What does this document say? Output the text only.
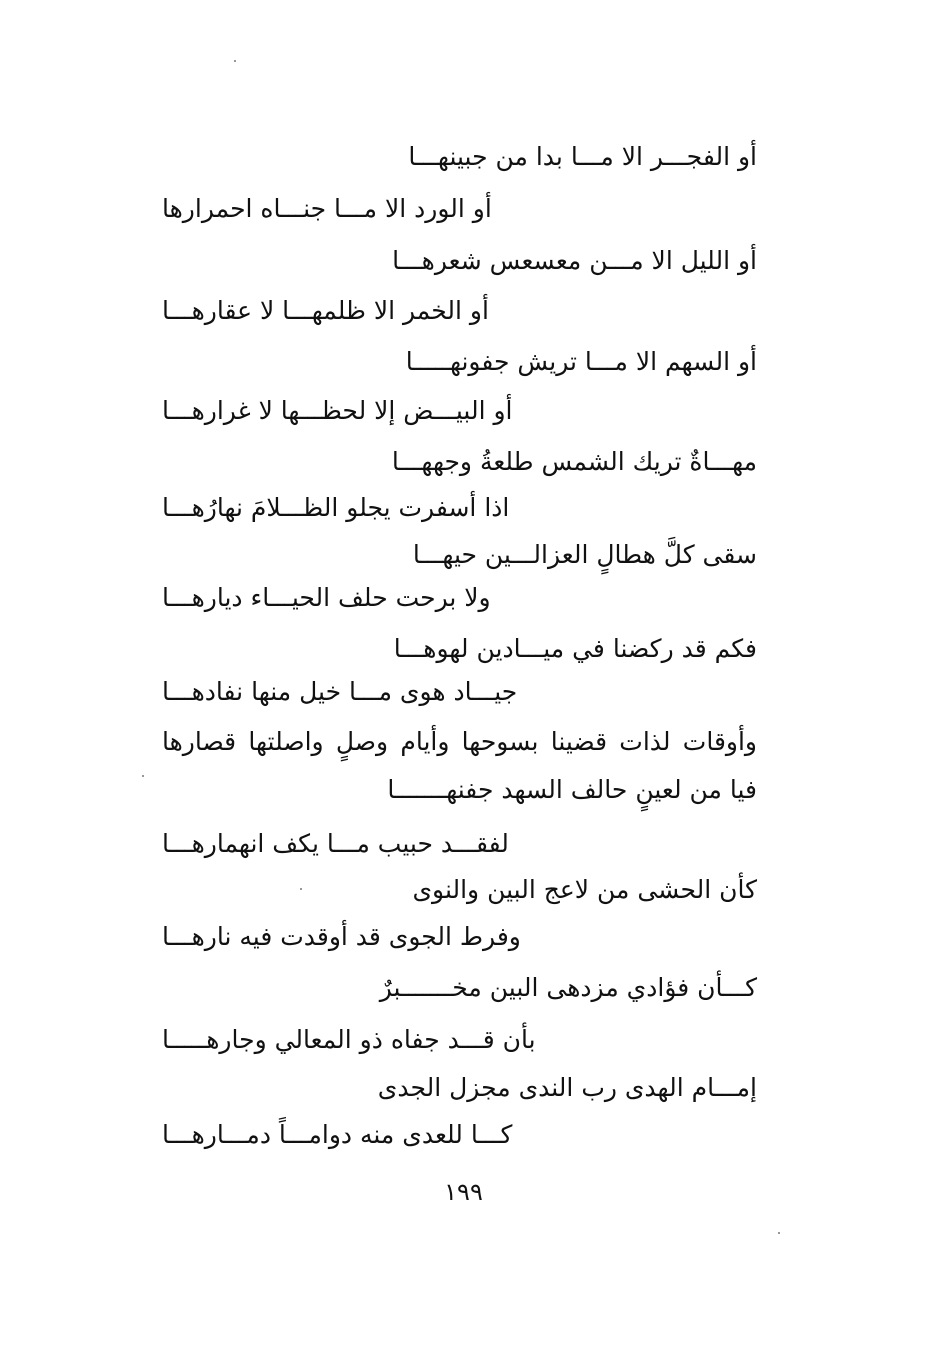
أو الفجـــر الا مـــا بدا من جبينهـــا
أو الورد الا مـــا جنـــاه احمرارها
أو الليل الا مـــن معسعس شعرهـــا
أو الخمر الا ظلمهـــا لا عقارهـــا
أو السهم الا مـــا تريش جفونهـــــا
أو البيـــض إلا لحظـــها لا غرارهـــا
مهـــاةٌ تريك الشمس طلعةُ وجههـــا
اذا أسفرت يجلو الظـــلامَ نهارُهـــا
سقى كلَّ هطالٍ العزالـــين حيهـــا
ولا برحت حلف الحيـــاء ديارهـــا
فكم قد ركضنا في ميـــادين لهوهـــا
جيـــاد هوى مـــا خيل منها نفادهـــا
وأوقات لذات قضينا بسوحها وأيام وصلٍ واصلتها قصارها
فيا من لعينٍ حالف السهد جفنهـــــــا
لفقـــد حبيب مـــا يكف انهمارهـــا
كأن الحشى من لاعج البين والنوى
وفرط الجوى قد أوقدت فيه نارهـــا
كـــأن فؤادي مزدهى البين مخـــــــبرٌ
بأن قـــد جفاه ذو المعالي وجارهـــــا
إمـــام الهدى رب الندى مجزل الجدى
كـــا للعدى منه دوامـــاً دمـــارهـــا
١٩٩
